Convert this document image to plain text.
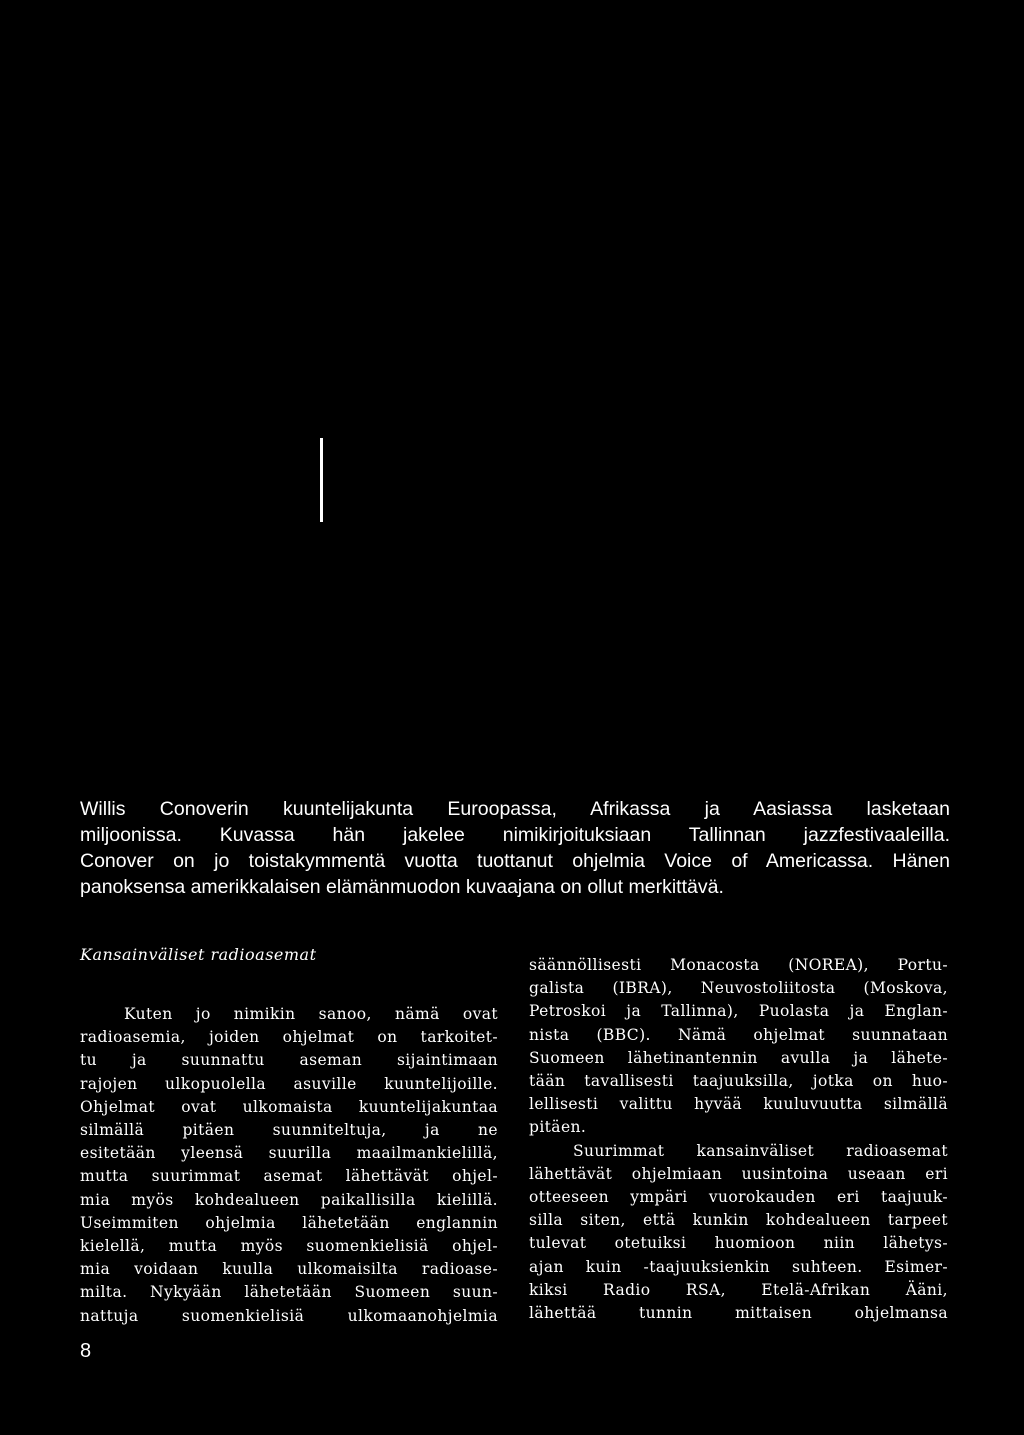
Willis Conoverin kuuntelijakunta Euroopassa, Afrikassa ja Aasiassa lasketaan
miljoonissa. Kuvassa hän jakelee nimikirjoituksiaan Tallinnan jazzfestivaaleilla.
Conover on jo toistakymmentä vuotta tuottanut ohjelmia Voice of Americassa. Hänen
panoksensa amerikkalaisen elämänmuodon kuvaajana on ollut merkittävä.
Kansainväliset radioasemat
Kuten jo nimikin sanoo, nämä ovat
radioasemia, joiden ohjelmat on tarkoitet-
tu ja suunnattu aseman sijaintimaan
rajojen ulkopuolella asuville kuuntelijoille.
Ohjelmat ovat ulkomaista kuuntelijakuntaa
silmällä pitäen suunniteltuja, ja ne
esitetään yleensä suurilla maailmankielillä,
mutta suurimmat asemat lähettävät ohjel-
mia myös kohdealueen paikallisilla kielillä.
Useimmiten ohjelmia lähetetään englannin
kielellä, mutta myös suomenkielisiä ohjel-
mia voidaan kuulla ulkomaisilta radioase-
milta. Nykyään lähetetään Suomeen suun-
nattuja suomenkielisiä ulkomaanohjelmia
säännöllisesti Monacosta (NOREA), Portu-
galista (IBRA), Neuvostoliitosta (Moskova,
Petroskoi ja Tallinna), Puolasta ja Englan-
nista (BBC). Nämä ohjelmat suunnataan
Suomeen lähetinantennin avulla ja lähete-
tään tavallisesti taajuuksilla, jotka on huo-
lellisesti valittu hyvää kuuluvuutta silmällä
pitäen.
Suurimmat kansainväliset radioasemat
lähettävät ohjelmiaan uusintoina useaan eri
otteeseen ympäri vuorokauden eri taajuuk-
silla siten, että kunkin kohdealueen tarpeet
tulevat otetuiksi huomioon niin lähetys-
ajan kuin -taajuuksienkin suhteen. Esimer-
kiksi Radio RSA, Etelä-Afrikan Ääni,
lähettää tunnin mittaisen ohjelmansa
8
